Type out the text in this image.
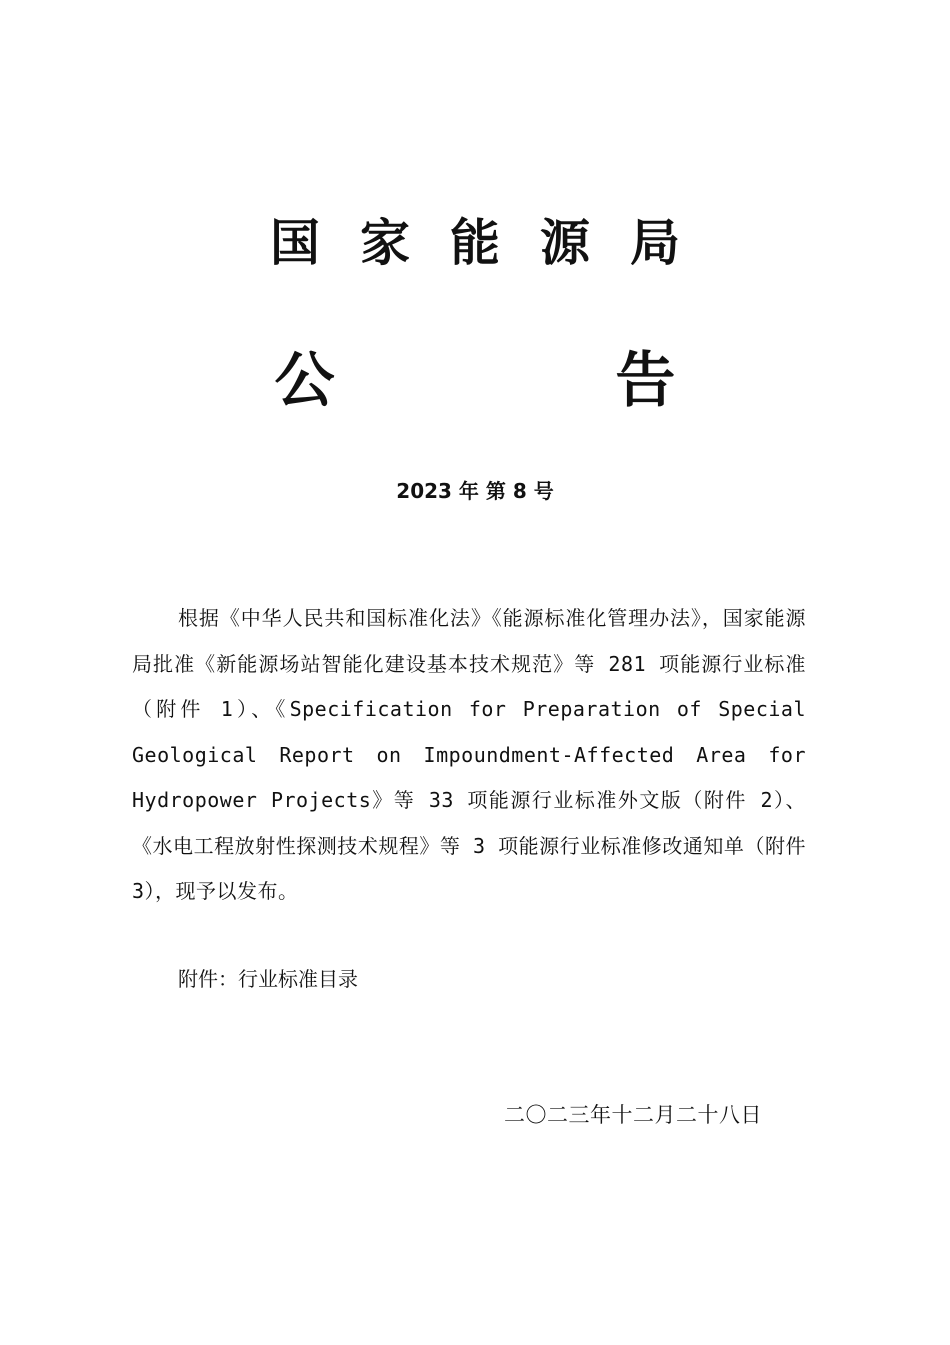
国家能源局
公 告
2023 年 第 8 号

根据《中华人民共和国标准化法》《能源标准化管理办法》，国家能源局批准《新能源场站智能化建设基本技术规范》等 281 项能源行业标准（附件 1）、《Specification for Preparation of Special Geological Report on Impoundment-Affected Area for Hydropower Projects》等 33 项能源行业标准外文版（附件 2）、《水电工程放射性探测技术规程》等 3 项能源行业标准修改通知单（附件 3），现予以发布。

附件：行业标准目录
二〇二三年十二月二十八日
